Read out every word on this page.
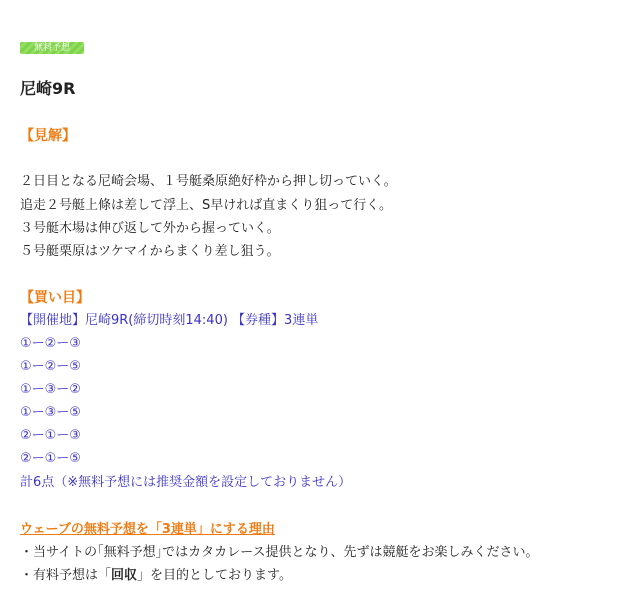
無料予想
尼崎9R
【見解】
２日目となる尼崎会場、１号艇桑原絶好枠から押し切っていく。
追走２号艇上條は差して浮上、S早ければ直まくり狙って行く。
３号艇木場は伸び返して外から握っていく。
５号艇栗原はツケマイからまくり差し狙う。
【買い目】
【開催地】尼崎9R(締切時刻14:40) 【券種】3連単
①ー②ー③
①ー②ー⑤
①ー③ー②
①ー③ー⑤
②ー①ー③
②ー①ー⑤
計6点（※無料予想には推奨金額を設定しておりません）
ウェーブの無料予想を「3連単」にする理由
・当サイトの｢無料予想｣ではカタカレース提供となり、先ずは競艇をお楽しみください。
・有料予想は「回収」を目的としております。
